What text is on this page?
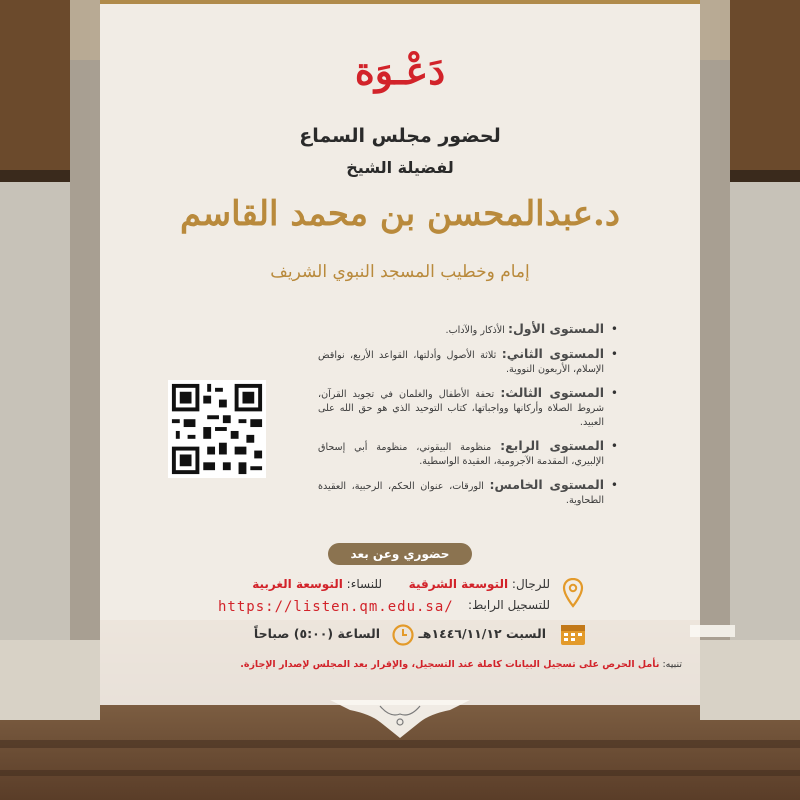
دَعْـوَة
لحضور مجلس السماع
لفضيلة الشيخ
د.عبدالمحسن بن محمد القاسم
إمام وخطيب المسجد النبوي الشريف
• المستوى الأول: الأذكار والآداب.
• المستوى الثاني: ثلاثة الأصول وأدلتها، القواعد الأربع، نواقض الإسلام، الأربعون النووية.
• المستوى الثالث: تحفة الأطفال والغلمان في تجويد القرآن، شروط الصلاة وأركانها وواجباتها، كتاب التوحيد الذي هو حق الله على العبيد.
• المستوى الرابع: منظومة البيقوني، منظومة أبي إسحاق الإلبيري، المقدمة الآجرومية، العقيدة الواسطية.
• المستوى الخامس: الورقات، عنوان الحكم، الرحبية، العقيدة الطحاوية.
حضوري وعن بعد
للرجال: التوسعة الشرقية       للنساء: التوسعة الغربية
للتسجيل الرابط:
https://listen.qm.edu.sa/
السبت ١٤٤٦/١١/١٢هـ
الساعة (٥:٠٠) صباحاً
تنبيه: نأمل الحرص على تسجيل البيانات كاملة عند التسجيل، والإقرار بعد المجلس لإصدار الإجازة.
